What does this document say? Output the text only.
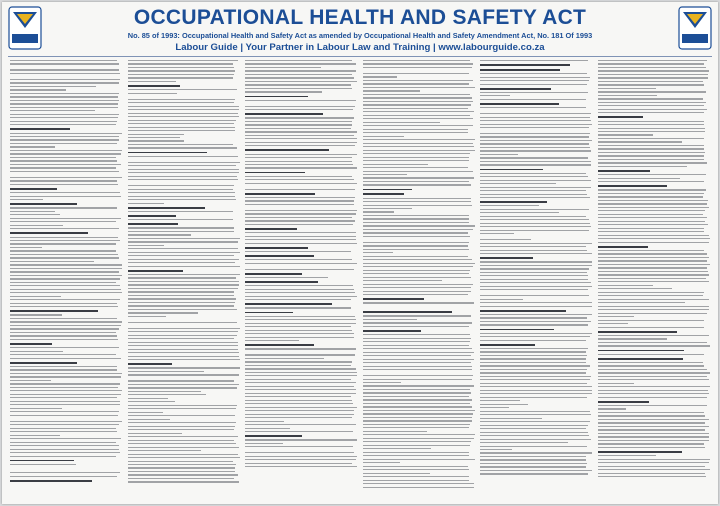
OCCUPATIONAL HEALTH AND SAFETY ACT
No. 85 of 1993: Occupational Health and Safety Act as amended by Occupational Health and Safety Amendment Act, No. 181 Of 1993
Labour Guide | Your Partner in Labour Law and Training | www.labourguide.co.za
